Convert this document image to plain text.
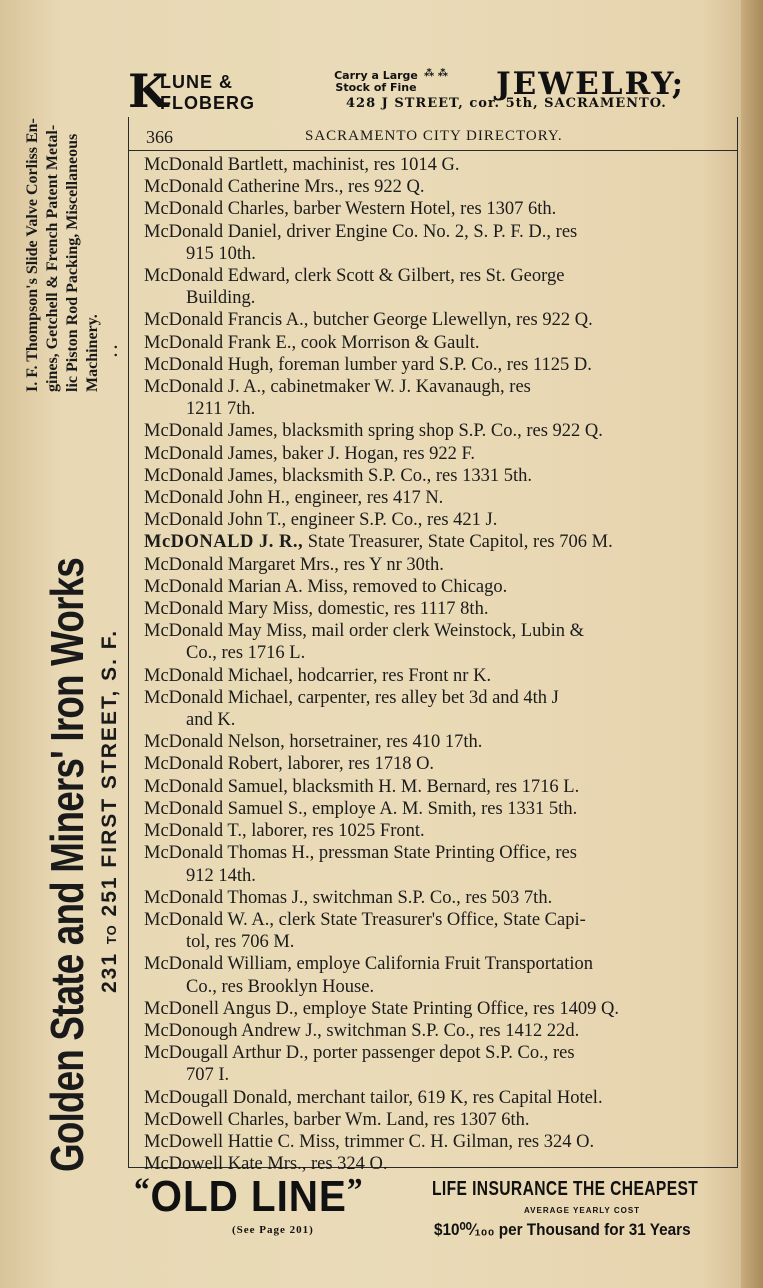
Golden State and Miners' Iron Works 231 TO 251 FIRST STREET, S. F.
I. F. Thompson's Slide Valve Corliss En- gines, Getchell & French Patent Metal- lic Piston Rod Packing, Miscellaneous Machinery. . .
K
LUNE &
FLOBERG
Carry a Large
Stock of Fine
⁂ ⁂ JEWELRY;
428 J STREET, cor. 5th, SACRAMENTO.
366	SACRAMENTO CITY DIRECTORY.
McDonald Bartlett, machinist, res 1014 G.
McDonald Catherine Mrs., res 922 Q.
McDonald Charles, barber Western Hotel, res 1307 6th.
McDonald Daniel, driver Engine Co. No. 2, S. P. F. D., res
915 10th.
McDonald Edward, clerk Scott & Gilbert, res St. George
Building.
McDonald Francis A., butcher George Llewellyn, res 922 Q.
McDonald Frank E., cook Morrison & Gault.
McDonald Hugh, foreman lumber yard S.P. Co., res 1125 D.
McDonald J. A., cabinetmaker W. J. Kavanaugh, res
1211 7th.
McDonald James, blacksmith spring shop S.P. Co., res 922 Q.
McDonald James, baker J. Hogan, res 922 F.
McDonald James, blacksmith S.P. Co., res 1331 5th.
McDonald John H., engineer, res 417 N.
McDonald John T., engineer S.P. Co., res 421 J.
McDONALD J. R., State Treasurer, State Capitol, res 706 M.
McDonald Margaret Mrs., res Y nr 30th.
McDonald Marian A. Miss, removed to Chicago.
McDonald Mary Miss, domestic, res 1117 8th.
McDonald May Miss, mail order clerk Weinstock, Lubin &
Co., res 1716 L.
McDonald Michael, hodcarrier, res Front nr K.
McDonald Michael, carpenter, res alley bet 3d and 4th J
and K.
McDonald Nelson, horsetrainer, res 410 17th.
McDonald Robert, laborer, res 1718 O.
McDonald Samuel, blacksmith H. M. Bernard, res 1716 L.
McDonald Samuel S., employe A. M. Smith, res 1331 5th.
McDonald T., laborer, res 1025 Front.
McDonald Thomas H., pressman State Printing Office, res
912 14th.
McDonald Thomas J., switchman S.P. Co., res 503 7th.
McDonald W. A., clerk State Treasurer's Office, State Capi-
tol, res 706 M.
McDonald William, employe California Fruit Transportation
Co., res Brooklyn House.
McDonell Angus D., employe State Printing Office, res 1409 Q.
McDonough Andrew J., switchman S.P. Co., res 1412 22d.
McDougall Arthur D., porter passenger depot S.P. Co., res
707 I.
McDougall Donald, merchant tailor, 619 K, res Capital Hotel.
McDowell Charles, barber Wm. Land, res 1307 6th.
McDowell Hattie C. Miss, trimmer C. H. Gilman, res 324 O.
McDowell Kate Mrs., res 324 O.
“OLD LINE”	LIFE INSURANCE THE CHEAPEST
AVERAGE YEARLY COST
(See Page 201)	$10⁰⁰⁄₁₀₀ per Thousand for 31 Years
